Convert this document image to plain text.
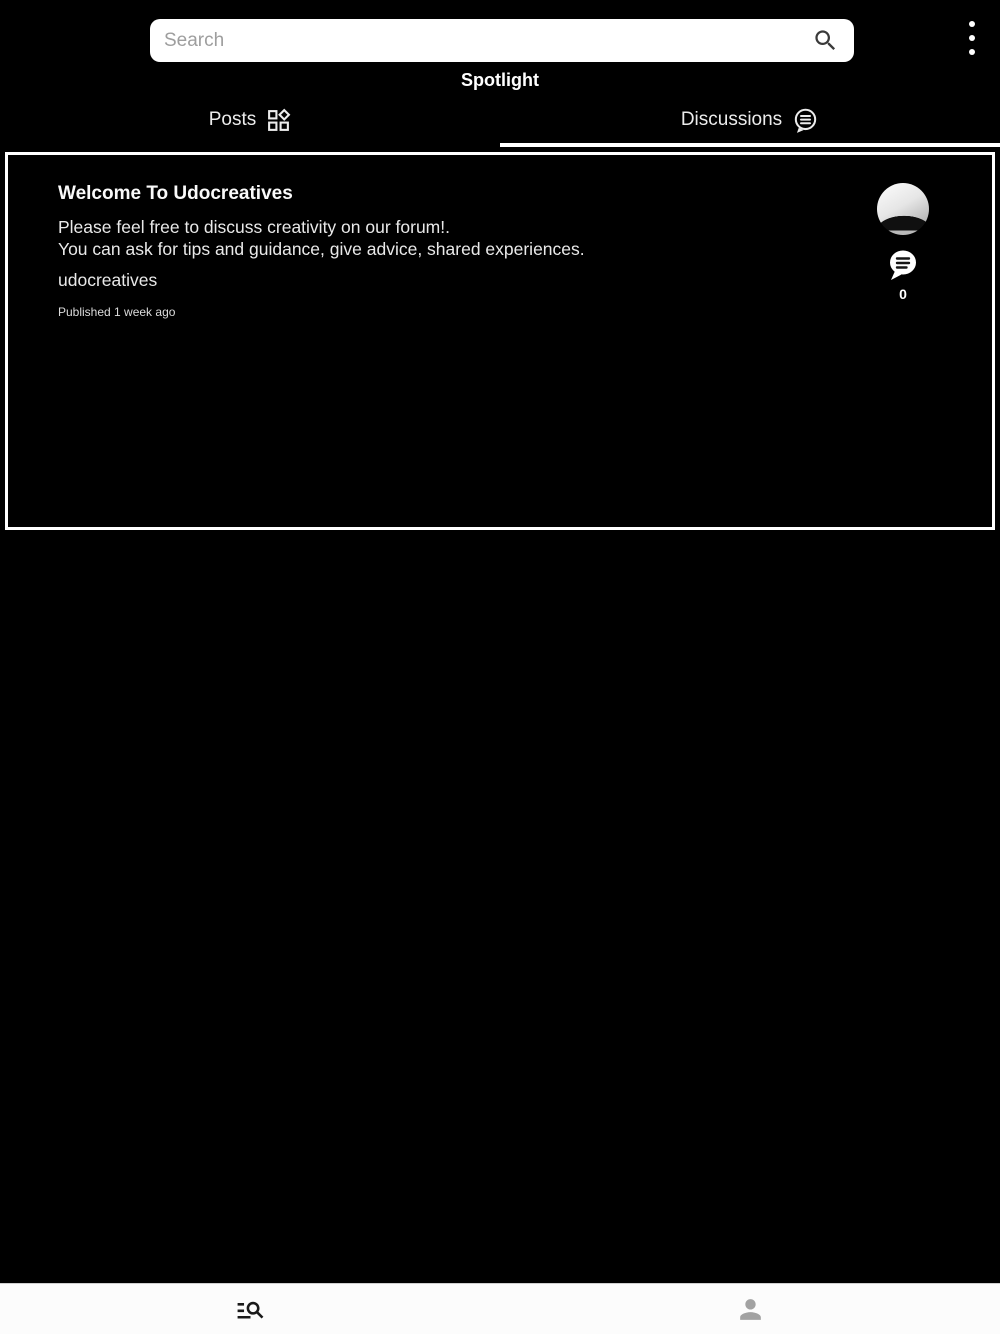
Search
Spotlight
Posts	Discussions
Welcome To Udocreatives
Please feel free to discuss creativity on our forum!.
You can ask for tips and guidance, give advice, shared experiences.
udocreatives
Published 1 week ago
0
